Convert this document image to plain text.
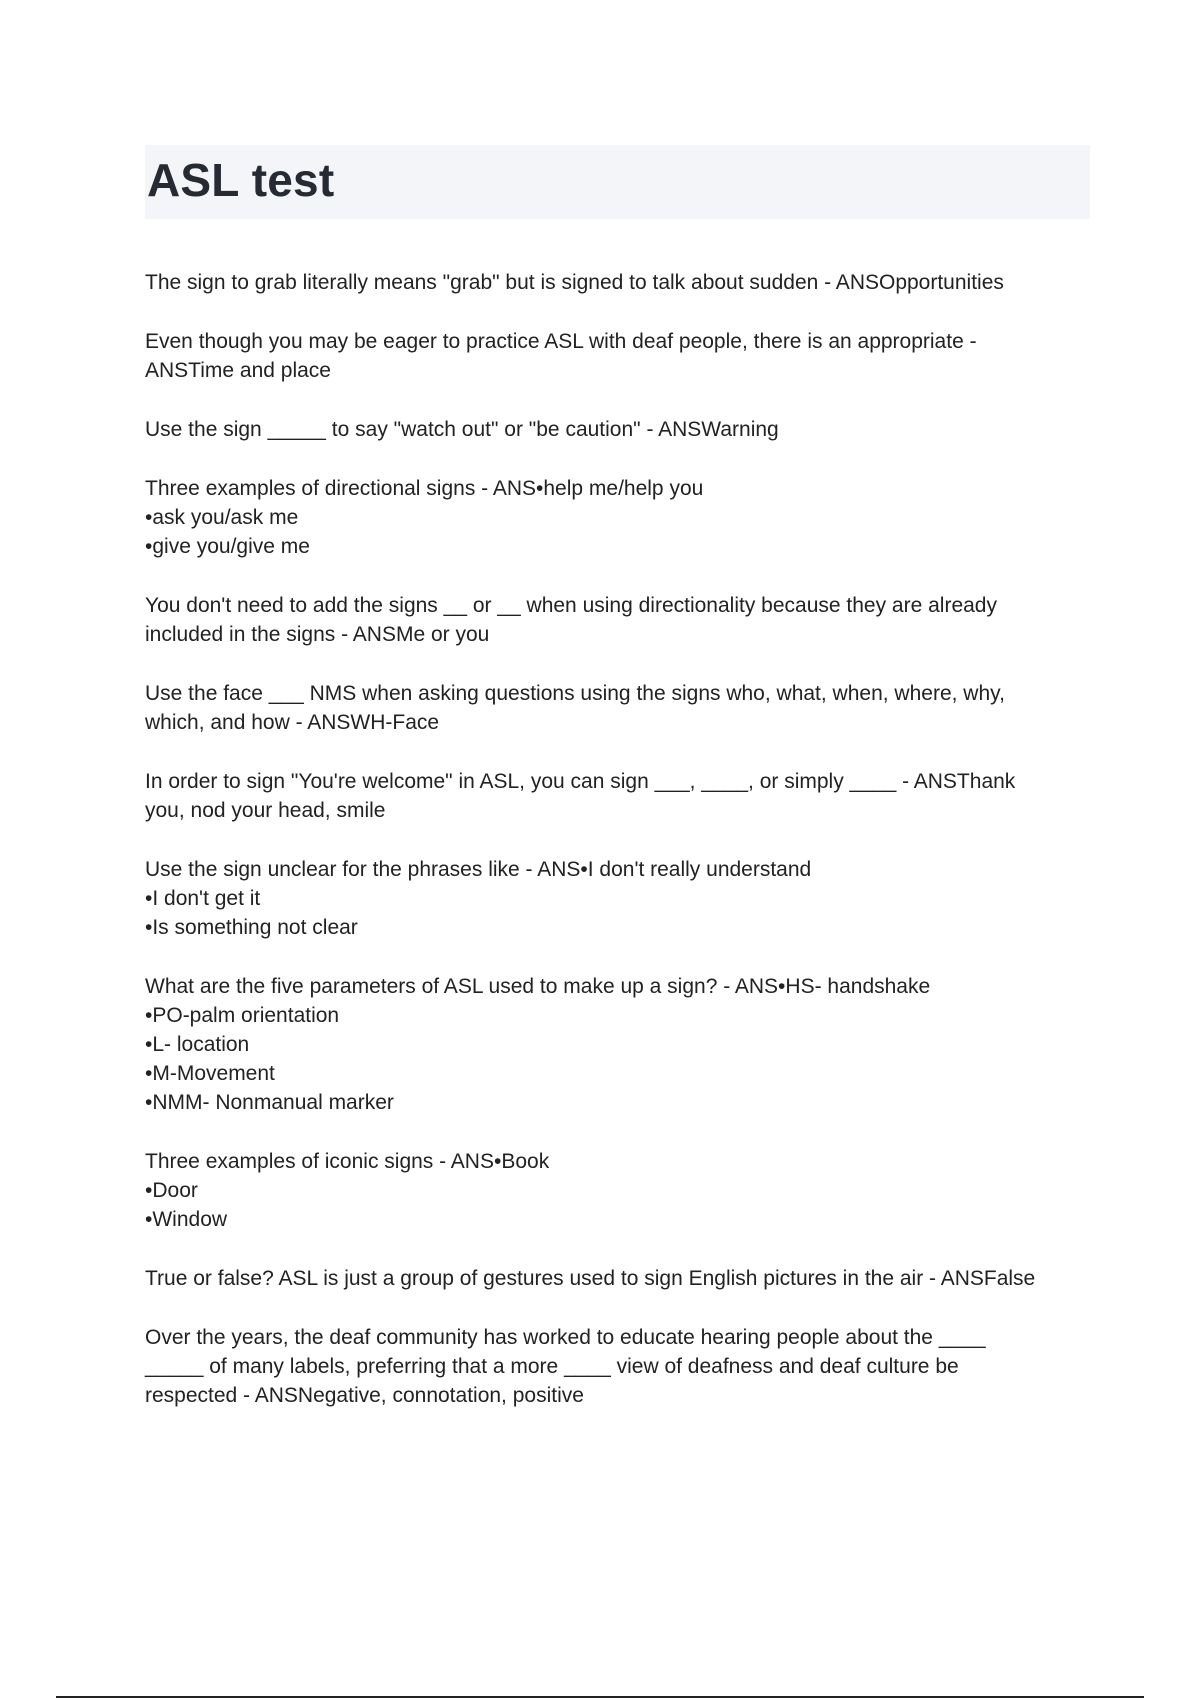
ASL test
The sign to grab literally means "grab" but is signed to talk about sudden - ANSOpportunities
Even though you may be eager to practice ASL with deaf people, there is an appropriate -
ANSTime and place
Use the sign _____ to say "watch out" or "be caution" - ANSWarning
Three examples of directional signs - ANS•help me/help you
•ask you/ask me
•give you/give me
You don't need to add the signs __ or __ when using directionality because they are already
included in the signs - ANSMe or you
Use the face ___ NMS when asking questions using the signs who, what, when, where, why,
which, and how - ANSWH-Face
In order to sign "You're welcome" in ASL, you can sign ___, ____, or simply ____ - ANSThank
you, nod your head, smile
Use the sign unclear for the phrases like - ANS•I don't really understand
•I don't get it
•Is something not clear
What are the five parameters of ASL used to make up a sign? - ANS•HS- handshake
•PO-palm orientation
•L- location
•M-Movement
•NMM- Nonmanual marker
Three examples of iconic signs - ANS•Book
•Door
•Window
True or false? ASL is just a group of gestures used to sign English pictures in the air - ANSFalse
Over the years, the deaf community has worked to educate hearing people about the ____
_____ of many labels, preferring that a more ____ view of deafness and deaf culture be
respected - ANSNegative, connotation, positive
